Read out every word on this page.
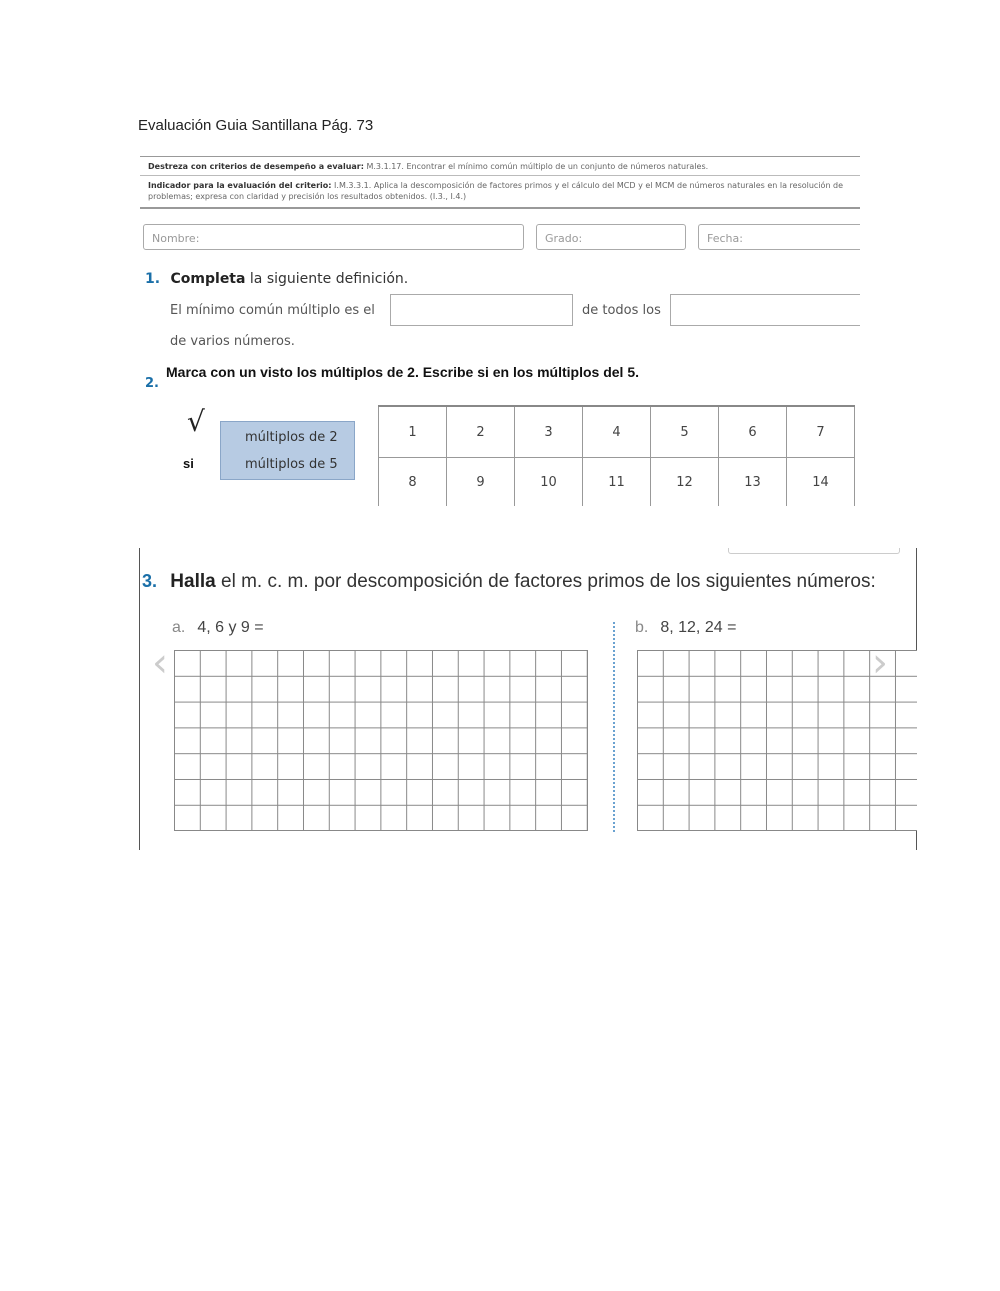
Evaluación Guia Santillana Pág. 73
Destreza con criterios de desempeño a evaluar: M.3.1.17. Encontrar el mínimo común múltiplo de un conjunto de números naturales.
Indicador para la evaluación del criterio: I.M.3.3.1. Aplica la descomposición de factores primos y el cálculo del MCD y el MCM de números naturales en la resolución de problemas; expresa con claridad y precisión los resultados obtenidos. (I.3., I.4.)
Nombre:	Grado:	Fecha:
1. Completa la siguiente definición.
El mínimo común múltiplo es el	de todos los
de varios números.
2.
Marca con un visto los múltiplos de 2. Escribe si en los múltiplos del 5.
√
si
múltiplos de 2
múltiplos de 5
1	2	3	4	5	6	7
8	9	10	11	12	13	14
3. Halla el m. c. m. por descomposición de factores primos de los siguientes números:
a. 4, 6 y 9 =	b. 8, 12, 24 =
‹	›
